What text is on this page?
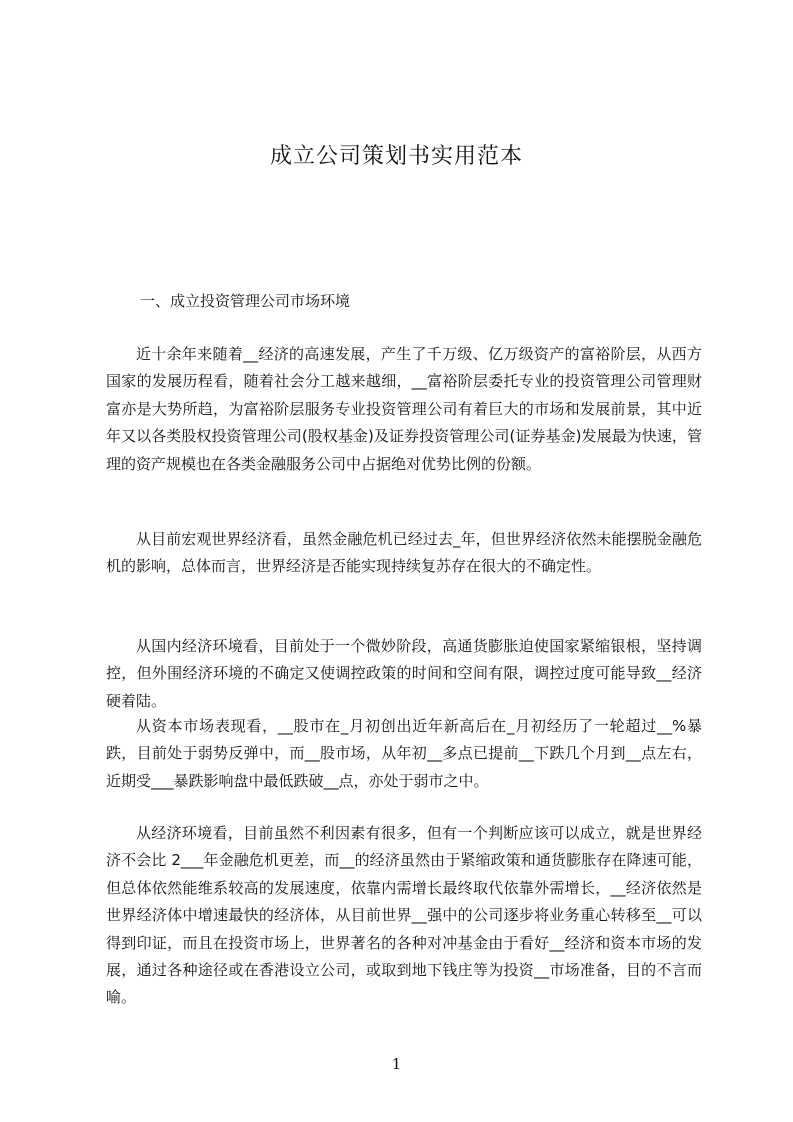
成立公司策划书实用范本
一、成立投资管理公司市场环境

近十余年来随着__经济的高速发展，产生了千万级、亿万级资产的富裕阶层，从西方国家的发展历程看，随着社会分工越来越细，__富裕阶层委托专业的投资管理公司管理财富亦是大势所趋，为富裕阶层服务专业投资管理公司有着巨大的市场和发展前景，其中近年又以各类股权投资管理公司(股权基金)及证券投资管理公司(证券基金)发展最为快速，管理的资产规模也在各类金融服务公司中占据绝对优势比例的份额。

从目前宏观世界经济看，虽然金融危机已经过去_年，但世界经济依然未能摆脱金融危机的影响，总体而言，世界经济是否能实现持续复苏存在很大的不确定性。

从国内经济环境看，目前处于一个微妙阶段，高通货膨胀迫使国家紧缩银根，坚持调控，但外围经济环境的不确定又使调控政策的时间和空间有限，调控过度可能导致__经济硬着陆。

从资本市场表现看，__股市在_月初创出近年新高后在_月初经历了一轮超过__%暴跌，目前处于弱势反弹中，而__股市场，从年初__多点已提前__下跌几个月到__点左右，近期受___暴跌影响盘中最低跌破__点，亦处于弱市之中。

从经济环境看，目前虽然不利因素有很多，但有一个判断应该可以成立，就是世界经济不会比 2___年金融危机更差，而__的经济虽然由于紧缩政策和通货膨胀存在降速可能，但总体依然能维系较高的发展速度，依靠内需增长最终取代依靠外需增长，__经济依然是世界经济体中增速最快的经济体，从目前世界__强中的公司逐步将业务重心转移至__可以得到印证，而且在投资市场上，世界著名的各种对冲基金由于看好__经济和资本市场的发展，通过各种途径或在香港设立公司，或取到地下钱庄等为投资__市场准备，目的不言而喻。

1
